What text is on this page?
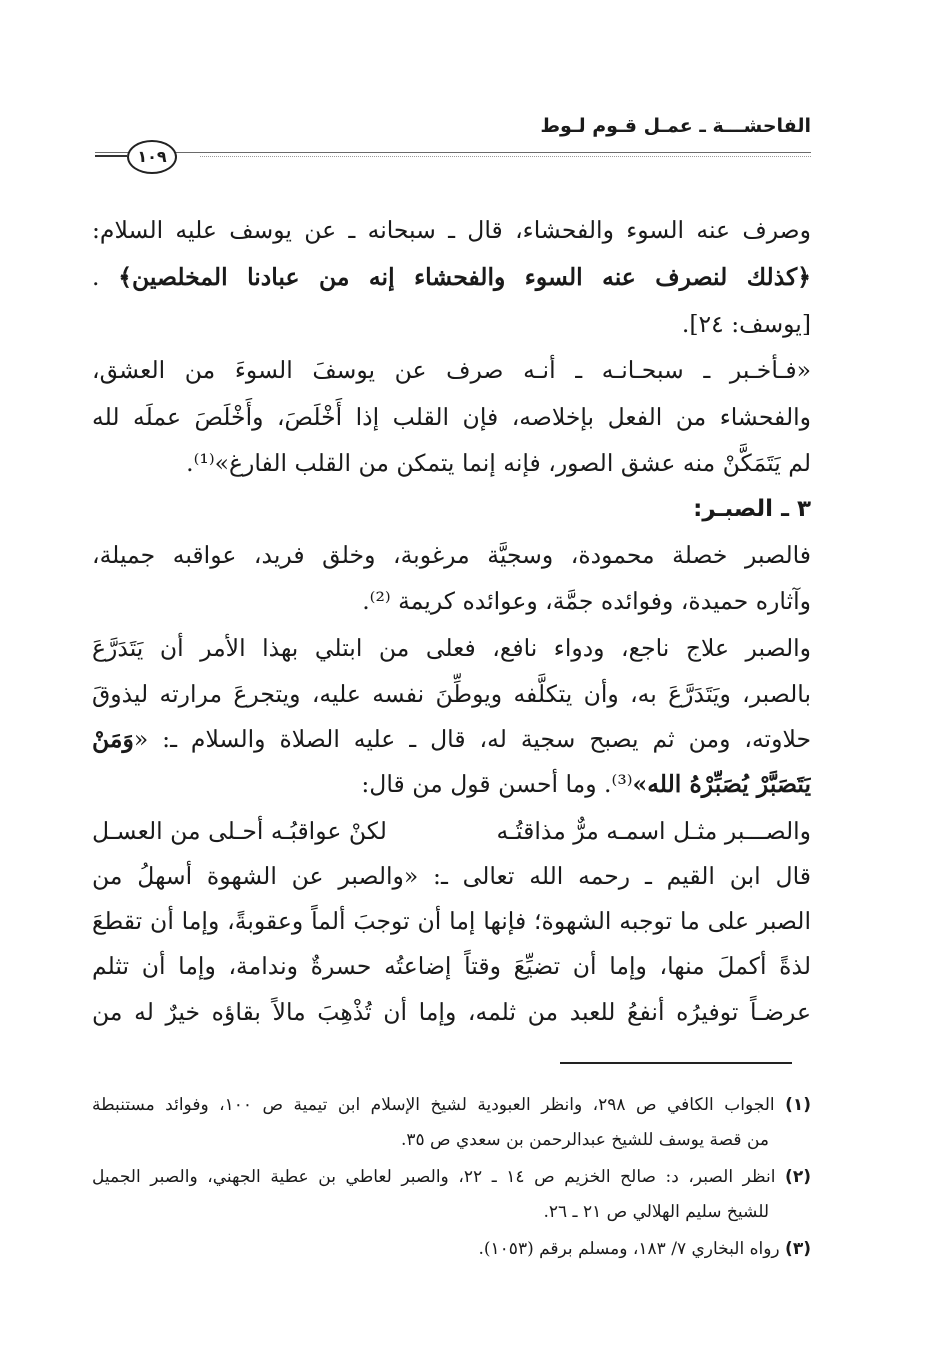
الفاحشـــة ـ عمـل قـوم لـوط
١٠٩
وصرف عنه السوء والفحشاء، قال ـ سبحانه ـ عن يوسف عليه السلام:
﴿كذلك لنصرف عنه السوء والفحشاء إنه من عبادنا المخلصين﴾ .
[يوسف: ٢٤].
«فـأخـبر ـ سبحـانـه ـ أنـه صرف عن يوسفَ السوءَ من العشق،
والفحشاء من الفعل بإخلاصه، فإن القلب إذا أَخْلَصَ، وأَخْلَصَ عملَه لله
لم يَتَمَكَّنْ منه عشق الصور، فإنه إنما يتمكن من القلب الفارغ»⁽¹⁾.
٣ ـ الصبـر:
فالصبر خصلة محمودة، وسجيَّة مرغوبة، وخلق فريد، عواقبه جميلة،
وآثاره حميدة، وفوائده جمَّة، وعوائده كريمة ⁽²⁾.
والصبر علاج ناجع، ودواء نافع، فعلى من ابتلي بهذا الأمر أن يَتَدَرَّعَ
بالصبر، ويَتَدَرَّعَ به، وأن يتكلَّفه ويوطِّنَ نفسه عليه، ويتجرعَ مرارته ليذوقَ
حلاوته، ومن ثم يصبح سجية له، قال ـ عليه الصلاة والسلام ـ: «وَمَنْ
يَتَصَبَّرْ يُصَبِّرْهُ الله»⁽³⁾. وما أحسن قول من قال:
والصـــبر مثـل اسمـه مرٌّ مذاقتُـه
لكنْ عواقبُـه أحـلى من العسـل
قال ابن القيم ـ رحمه الله تعالى ـ: «والصبر عن الشهوة أسهلُ من
الصبر على ما توجبه الشهوة؛ فإنها إما أن توجبَ ألماً وعقوبةً، وإما أن تقطعَ
لذةً أكملَ منها، وإما أن تضيِّعَ وقتاً إضاعتُه حسرةٌ وندامة، وإما أن تثلم
عرضـاً توفيرُه أنفعُ للعبد من ثلمه، وإما أن تُذْهِبَ مالاً بقاؤه خيرٌ له من
(١) الجواب الكافي ص ٢٩٨، وانظر العبودية لشيخ الإسلام ابن تيمية ص ١٠٠، وفوائد مستنبطة
من قصة يوسف للشيخ عبدالرحمن بن سعدي ص ٣٥.
(٢) انظر الصبر، د: صالح الخزيم ص ١٤ ـ ٢٢، والصبر لعاطي بن عطية الجهني، والصبر الجميل
للشيخ سليم الهلالي ص ٢١ ـ ٢٦.
(٣) رواه البخاري ٧/ ١٨٣، ومسلم برقم (١٠٥٣).
